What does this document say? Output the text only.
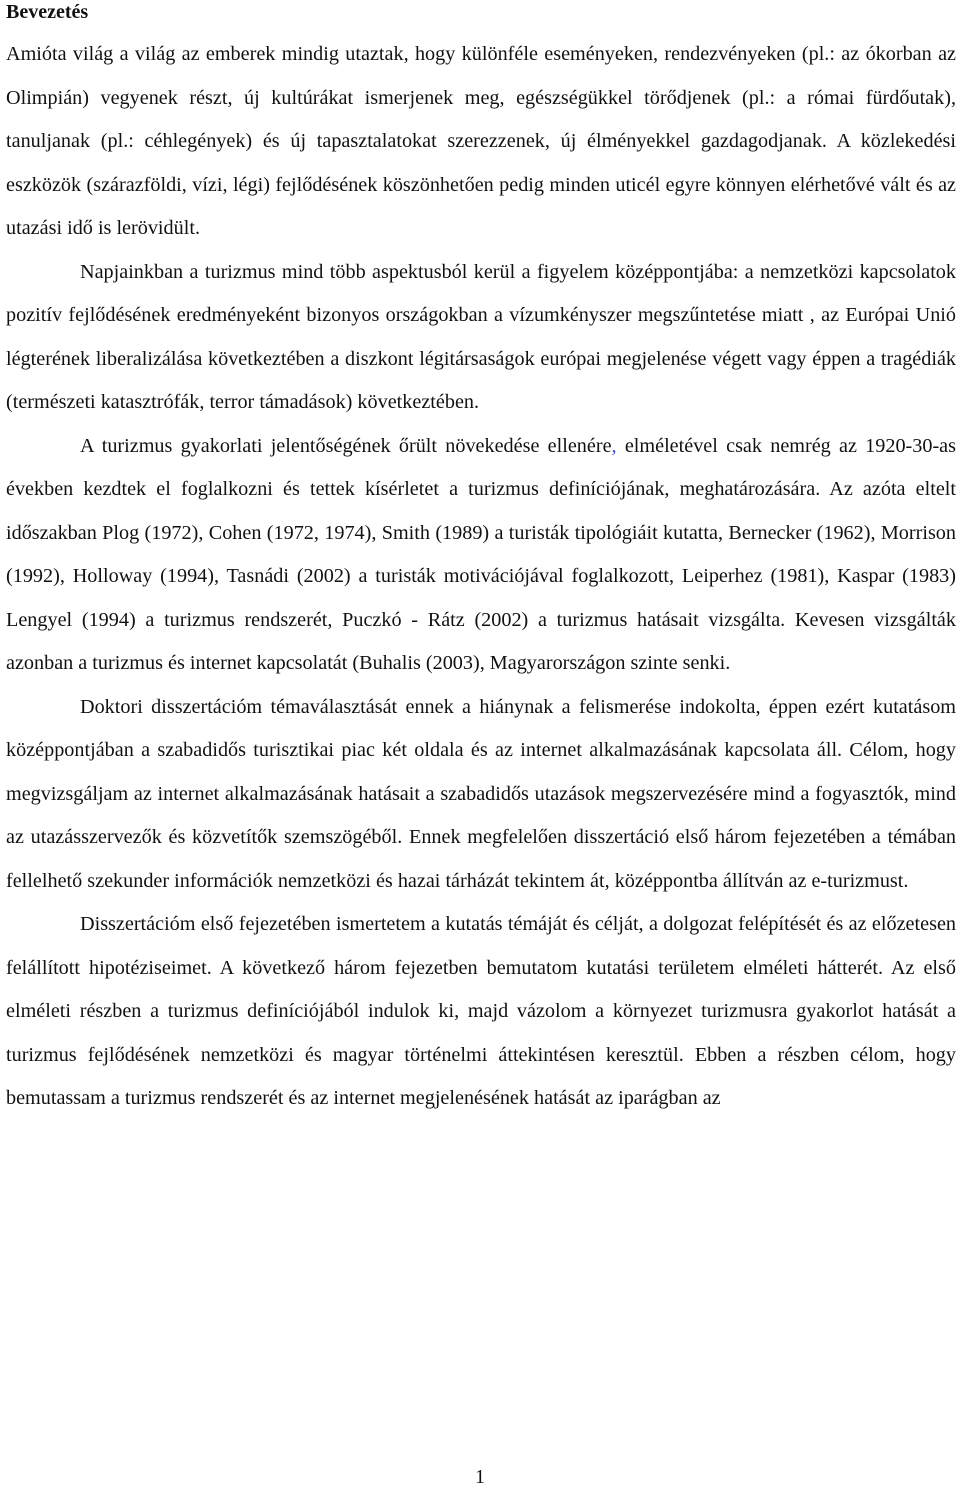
Bevezetés

Amióta világ a világ az emberek mindig utaztak, hogy különféle eseményeken, rendezvényeken (pl.: az ókorban az Olimpián) vegyenek részt, új kultúrákat ismerjenek meg, egészségükkel törődjenek (pl.: a római fürdőutak), tanuljanak (pl.: céhlegények) és új tapasztalatokat szerezzenek, új élményekkel gazdagodjanak. A közlekedési eszközök (szárazföldi, vízi, légi) fejlődésének köszönhetően pedig minden uticél egyre könnyen elérhetővé vált és az utazási idő is lerövidült.

Napjainkban a turizmus mind több aspektusból kerül a figyelem középpontjába: a nemzetközi kapcsolatok pozitív fejlődésének eredményeként bizonyos országokban a vízumkényszer megszűntetése miatt , az Európai Unió légterének liberalizálása következtében a diszkont légitársaságok európai megjelenése végett vagy éppen a tragédiák (természeti katasztrófák, terror támadások) következtében.

A turizmus gyakorlati jelentőségének őrült növekedése ellenére, elméletével csak nemrég az 1920-30-as években kezdtek el foglalkozni és tettek kísérletet a turizmus definíciójának, meghatározására. Az azóta eltelt időszakban Plog (1972), Cohen (1972, 1974), Smith (1989) a turisták tipológiáit kutatta, Bernecker (1962), Morrison (1992), Holloway (1994), Tasnádi (2002) a turisták motivációjával foglalkozott, Leiperhez (1981), Kaspar (1983) Lengyel (1994) a turizmus rendszerét, Puczkó - Rátz (2002) a turizmus hatásait vizsgálta. Kevesen vizsgálták azonban a turizmus és internet kapcsolatát (Buhalis (2003), Magyarországon szinte senki.

Doktori disszertációm témaválasztását ennek a hiánynak a felismerése indokolta, éppen ezért kutatásom középpontjában a szabadidős turisztikai piac két oldala és az internet alkalmazásának kapcsolata áll. Célom, hogy megvizsgáljam az internet alkalmazásának hatásait a szabadidős utazások megszervezésére mind a fogyasztók, mind az utazásszervezők és közvetítők szemszögéből. Ennek megfelelően disszertáció első három fejezetében a témában fellelhető szekunder információk nemzetközi és hazai tárházát tekintem át, középpontba állítván az e-turizmust.

Disszertációm első fejezetében ismertetem a kutatás témáját és célját, a dolgozat felépítését és az előzetesen felállított hipotéziseimet. A következő három fejezetben bemutatom kutatási területem elméleti hátterét. Az első elméleti részben a turizmus definíciójából indulok ki, majd vázolom a környezet turizmusra gyakorlot hatását a turizmus fejlődésének nemzetközi és magyar történelmi áttekintésen keresztül. Ebben a részben célom, hogy bemutassam a turizmus rendszerét és az internet megjelenésének hatását az iparágban az

1
